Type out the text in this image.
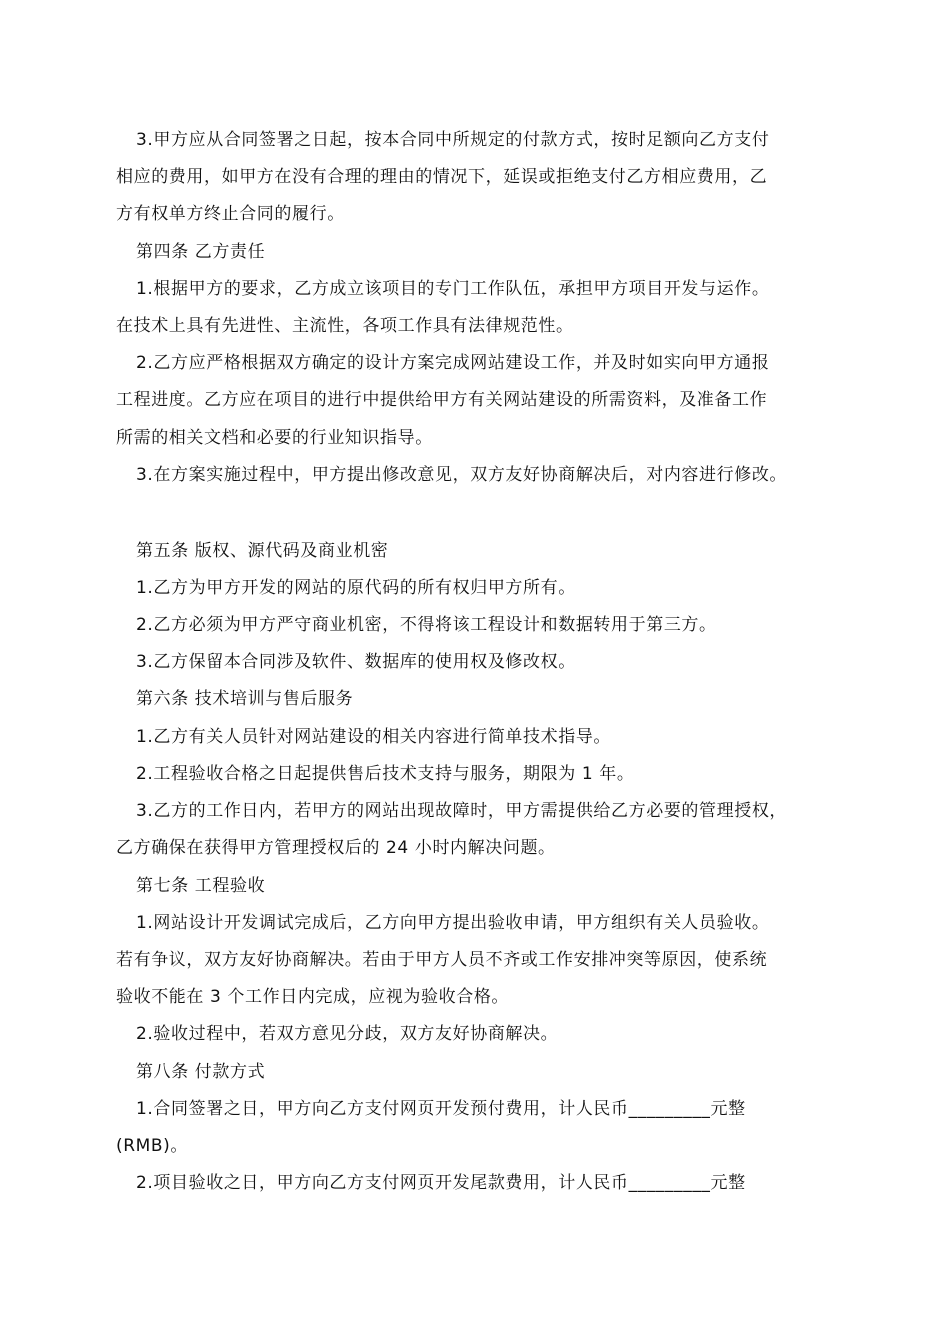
3.甲方应从合同签署之日起，按本合同中所规定的付款方式，按时足额向乙方支付
相应的费用，如甲方在没有合理的理由的情况下，延误或拒绝支付乙方相应费用，乙
方有权单方终止合同的履行。
第四条 乙方责任
1.根据甲方的要求，乙方成立该项目的专门工作队伍，承担甲方项目开发与运作。
在技术上具有先进性、主流性，各项工作具有法律规范性。
2.乙方应严格根据双方确定的设计方案完成网站建设工作，并及时如实向甲方通报
工程进度。乙方应在项目的进行中提供给甲方有关网站建设的所需资料，及准备工作
所需的相关文档和必要的行业知识指导。
3.在方案实施过程中，甲方提出修改意见，双方友好协商解决后，对内容进行修改。
第五条 版权、源代码及商业机密
1.乙方为甲方开发的网站的原代码的所有权归甲方所有。
2.乙方必须为甲方严守商业机密，不得将该工程设计和数据转用于第三方。
3.乙方保留本合同涉及软件、数据库的使用权及修改权。
第六条 技术培训与售后服务
1.乙方有关人员针对网站建设的相关内容进行简单技术指导。
2.工程验收合格之日起提供售后技术支持与服务，期限为 1 年。
3.乙方的工作日内，若甲方的网站出现故障时，甲方需提供给乙方必要的管理授权，
乙方确保在获得甲方管理授权后的 24 小时内解决问题。
第七条 工程验收
1.网站设计开发调试完成后，乙方向甲方提出验收申请，甲方组织有关人员验收。
若有争议，双方友好协商解决。若由于甲方人员不齐或工作安排冲突等原因，使系统
验收不能在 3 个工作日内完成，应视为验收合格。
2.验收过程中，若双方意见分歧，双方友好协商解决。
第八条 付款方式
1.合同签署之日，甲方向乙方支付网页开发预付费用，计人民币_________元整
(RMB)。
2.项目验收之日，甲方向乙方支付网页开发尾款费用，计人民币_________元整
